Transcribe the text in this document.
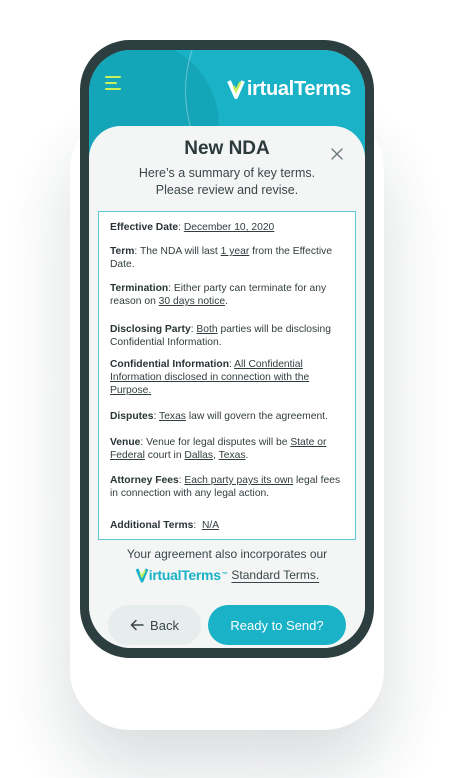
irtualTerms
New NDA
Here’s a summary of key terms.
Please review and revise.
Effective Date: December 10, 2020
Term: The NDA will last 1 year from the Effective Date.
Termination: Either party can terminate for any reason on 30 days notice.
Disclosing Party: Both parties will be disclosing Confidential Information.
Confidential Information: All Confidential Information disclosed in connection with the Purpose.
Disputes: Texas law will govern the agreement.
Venue: Venue for legal disputes will be State or Federal court in Dallas, Texas.
Attorney Fees: Each party pays its own legal fees in connection with any legal action.
Additional Terms:  N/A
Your agreement also incorporates our
irtualTerms ™ Standard Terms.
Back	Ready to Send?
